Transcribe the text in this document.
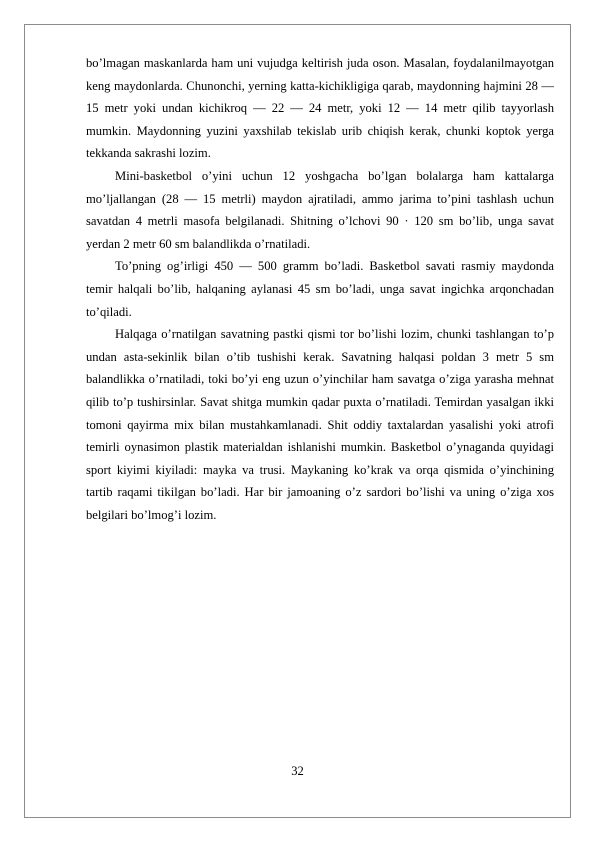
bo’lmagan maskanlarda ham uni vujudga keltirish juda oson. Masalan, foydalanilmayotgan keng maydonlarda. Chunonchi, yerning katta-kichikligiga qarab, maydonning hajmini 28 — 15 metr yoki undan kichikroq — 22 — 24 metr, yoki 12 — 14 metr qilib tayyorlash mumkin. Maydonning yuzini yaxshilab tekislab urib chiqish kerak, chunki koptok yerga tekkanda sakrashi lozim.

Mini-basketbol o’yini uchun 12 yoshgacha bo’lgan bolalarga ham kattalarga mo’ljallangan (28 — 15 metrli) maydon ajratiladi, ammo jarima to’pini tashlash uchun savatdan 4 metrli masofa belgilanadi. Shitning o’lchovi 90 · 120 sm bo’lib, unga savat yerdan 2 metr 60 sm balandlikda o’rnatiladi.

To’pning og’irligi 450 — 500 gramm bo’ladi. Basketbol savati rasmiy maydonda temir halqali bo’lib, halqaning aylanasi 45 sm bo’ladi, unga savat ingichka arqonchadan to’qiladi.

Halqaga o’rnatilgan savatning pastki qismi tor bo’lishi lozim, chunki tashlangan to’p undan asta-sekinlik bilan o’tib tushishi kerak. Savatning halqasi poldan 3 metr 5 sm balandlikka o’rnatiladi, toki bo’yi eng uzun o’yinchilar ham savatga o’ziga yarasha mehnat qilib to’p tushirsinlar. Savat shitga mumkin qadar puxta o’rnatiladi. Temirdan yasalgan ikki tomoni qayirma mix bilan mustahkamlanadi. Shit oddiy taxtalardan yasalishi yoki atrofi temirli oynasimon plastik materialdan ishlanishi mumkin. Basketbol o’ynaganda quyidagi sport kiyimi kiyiladi: mayka va trusi. Maykaning ko’krak va orqa qismida o’yinchining tartib raqami tikilgan bo’ladi. Har bir jamoaning o’z sardori bo’lishi va uning o’ziga xos belgilari bo’lmog’i lozim.

32
